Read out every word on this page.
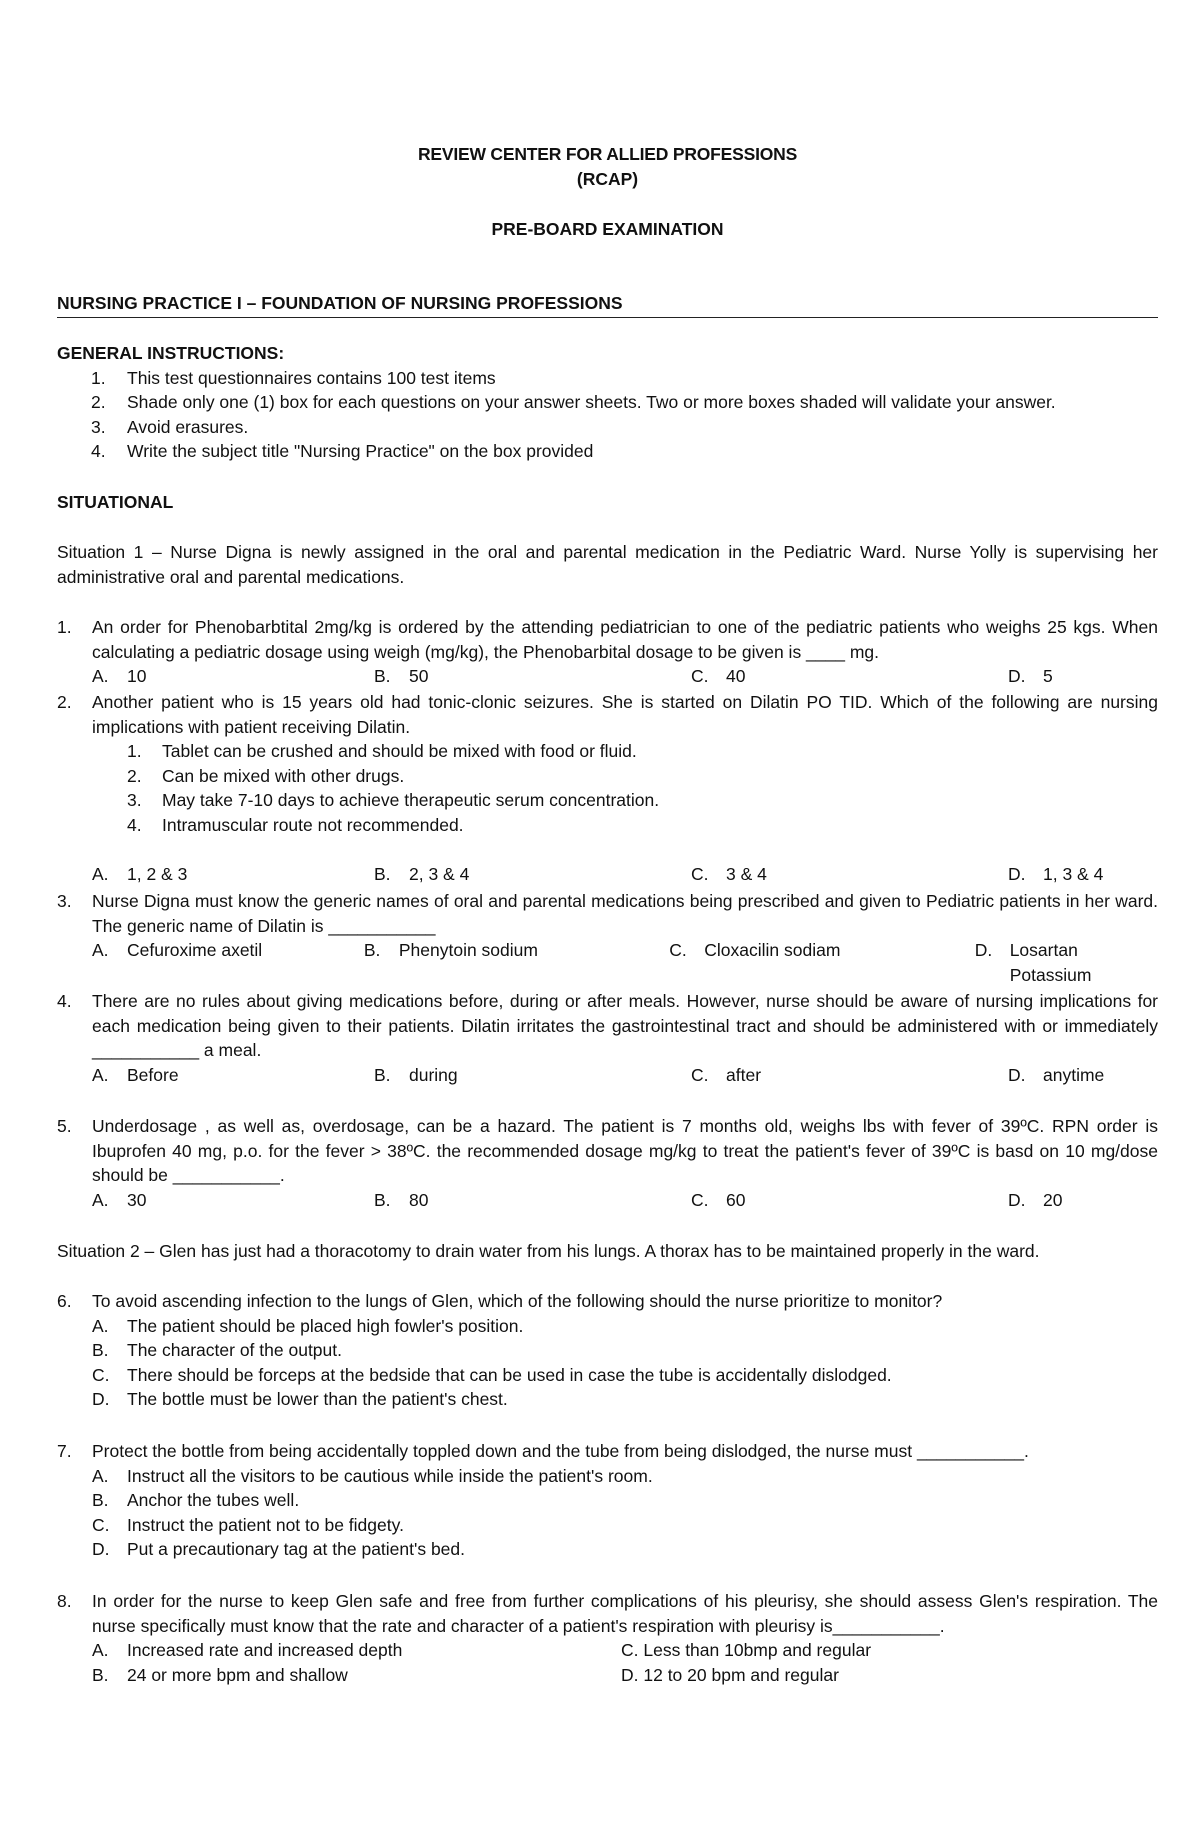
REVIEW CENTER FOR ALLIED PROFESSIONS
(RCAP)
PRE-BOARD EXAMINATION
NURSING PRACTICE I – FOUNDATION OF NURSING PROFESSIONS
GENERAL INSTRUCTIONS:
1.	This test questionnaires contains 100 test items
2.	Shade only one (1) box for each questions on your answer sheets. Two or more boxes shaded will validate your answer.
3.	Avoid erasures.
4.	Write the subject title "Nursing Practice" on the box provided
SITUATIONAL
Situation 1 – Nurse Digna is newly assigned in the oral and parental medication in the Pediatric Ward. Nurse Yolly is supervising her administrative oral and parental medications.
1. An order for Phenobarbtital 2mg/kg is ordered by the attending pediatrician to one of the pediatric patients who weighs 25 kgs. When calculating a pediatric dosage using weigh (mg/kg), the Phenobarbital dosage to be given is ____ mg.
A. 10	B. 50	C. 40	D. 5
2. Another patient who is 15 years old had tonic-clonic seizures. She is started on Dilatin PO TID. Which of the following are nursing implications with patient receiving Dilatin.
1. Tablet can be crushed and should be mixed with food or fluid.
2. Can be mixed with other drugs.
3. May take 7-10 days to achieve therapeutic serum concentration.
4. Intramuscular route not recommended.
A. 1, 2 & 3	B. 2, 3 & 4	C. 3 & 4	D. 1, 3 & 4
3. Nurse Digna must know the generic names of oral and parental medications being prescribed and given to Pediatric patients in her ward. The generic name of Dilatin is ___________
A. Cefuroxime axetil	B. Phenytoin sodium	C. Cloxacilin sodiam	D. Losartan Potassium
4. There are no rules about giving medications before, during or after meals. However, nurse should be aware of nursing implications for each medication being given to their patients. Dilatin irritates the gastrointestinal tract and should be administered with or immediately ___________ a meal.
A. Before	B. during	C. after	D. anytime
5. Underdosage , as well as, overdosage, can be a hazard. The patient is 7 months old, weighs lbs with fever of 39ºC. RPN order is Ibuprofen 40 mg, p.o. for the fever > 38ºC. the recommended dosage mg/kg to treat the patient's fever of 39ºC is basd on 10 mg/dose should be ___________.
A. 30	B. 80	C. 60	D. 20
Situation 2 – Glen has just had a thoracotomy to drain water from his lungs. A thorax has to be maintained properly in the ward.
6. To avoid ascending infection to the lungs of Glen, which of the following should the nurse prioritize to monitor?
A. The patient should be placed high fowler's position.
B. The character of the output.
C. There should be forceps at the bedside that can be used in case the tube is accidentally dislodged.
D. The bottle must be lower than the patient's chest.
7. Protect the bottle from being accidentally toppled down and the tube from being dislodged, the nurse must ___________.
A. Instruct all the visitors to be cautious while inside the patient's room.
B. Anchor the tubes well.
C. Instruct the patient not to be fidgety.
D. Put a precautionary tag at the patient's bed.
8. In order for the nurse to keep Glen safe and free from further complications of his pleurisy, she should assess Glen's respiration. The nurse specifically must know that the rate and character of a patient's respiration with pleurisy is___________.
A. Increased rate and increased depth	C. Less than 10bmp and regular
B. 24 or more bpm and shallow	D. 12 to 20 bpm and regular
